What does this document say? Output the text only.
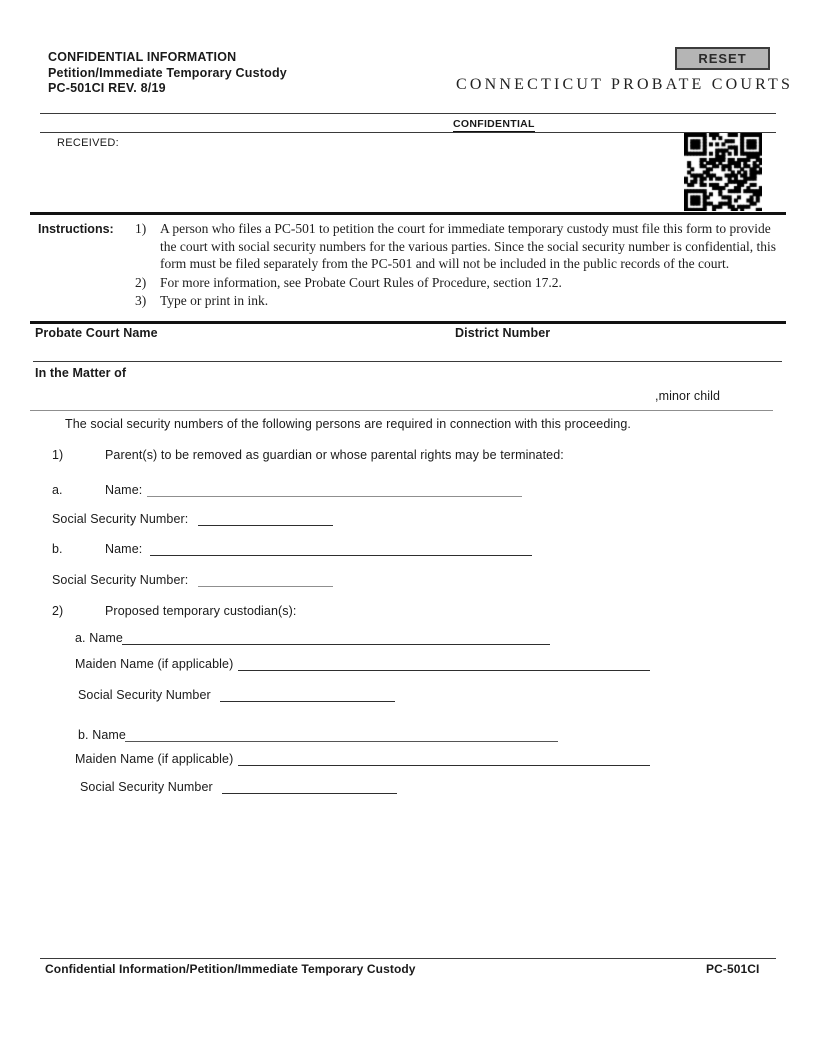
CONFIDENTIAL INFORMATION
Petition/Immediate Temporary Custody
PC-501CI REV. 8/19
RESET
CONNECTICUT PROBATE COURTS
CONFIDENTIAL
RECEIVED:
Instructions: 1)	A person who files a PC-501 to petition the court for immediate temporary custody must file this form to provide the court with social security numbers for the various parties. Since the social security number is confidential, this form must be filed separately from the PC-501 and will not be included in the public records of the court.
2)	For more information, see Probate Court Rules of Procedure, section 17.2.
3)	Type or print in ink.
Probate Court Name	District Number
In the Matter of
,minor child
The social security numbers of the following persons are required in connection with this proceeding.
1)	Parent(s) to be removed as guardian or whose parental rights may be terminated:
a.	Name:
Social Security Number:
b.	Name:
Social Security Number:
2)	Proposed temporary custodian(s):
a. Name
Maiden Name (if applicable)
Social Security Number
b. Name
Maiden Name (if applicable)
Social Security Number
Confidential Information/Petition/Immediate Temporary Custody	PC-501CI
